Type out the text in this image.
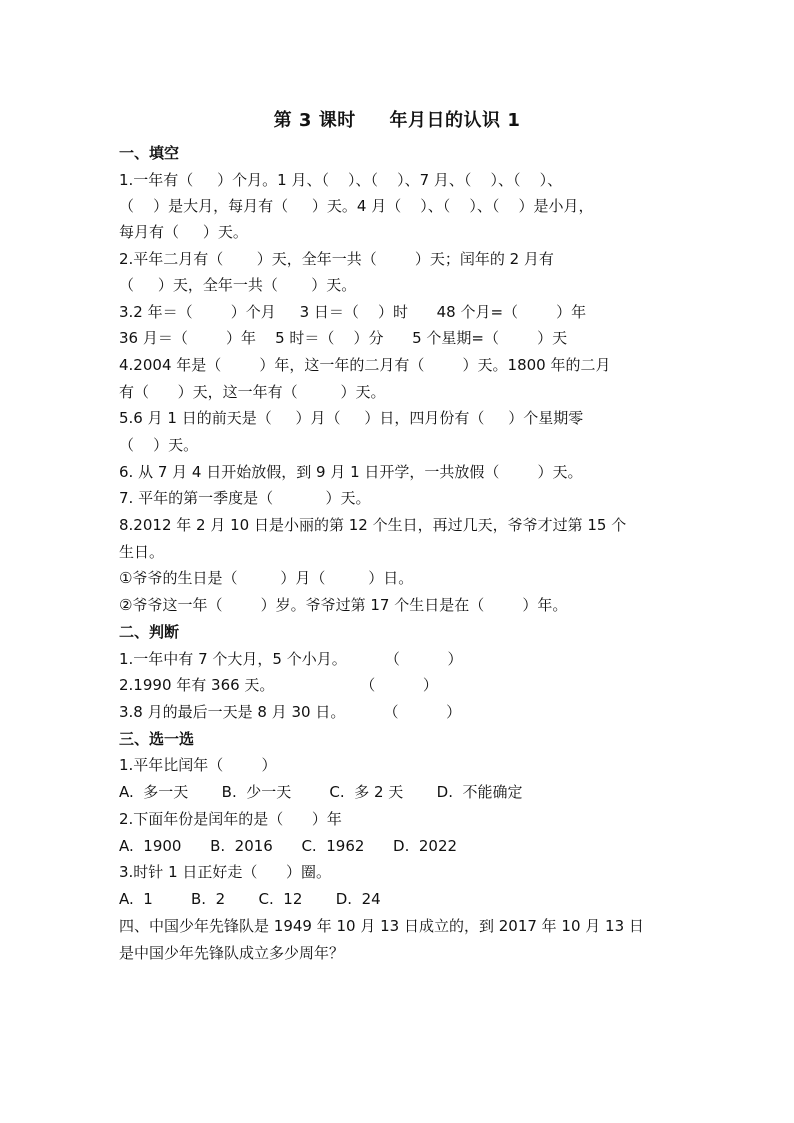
第 3 课时     年月日的认识 1
一、填空
1.一年有（     ）个月。1 月、（    ）、（    ）、7 月、（    ）、（    ）、
（    ）是大月，每月有（     ）天。4 月（    ）、（    ）、（    ）是小月，
每月有（     ）天。
2.平年二月有（       ）天，全年一共（        ）天；闰年的 2 月有
（     ）天，全年一共（       ）天。
3.2 年＝（        ）个月     3 日＝（    ）时      48 个月=（        ）年
36 月＝（        ）年    5 时＝（    ）分      5 个星期=（        ）天
4.2004 年是（        ）年，这一年的二月有（        ）天。1800 年的二月
有（      ）天，这一年有（         ）天。
5.6 月 1 日的前天是（     ）月（     ）日，四月份有（     ）个星期零
（    ）天。
6. 从 7 月 4 日开始放假，到 9 月 1 日开学，一共放假（        ）天。
7. 平年的第一季度是（           ）天。
8.2012 年 2 月 10 日是小丽的第 12 个生日，再过几天，爷爷才过第 15 个
生日。
①爷爷的生日是（         ）月（         ）日。
②爷爷这一年（        ）岁。爷爷过第 17 个生日是在（        ）年。
二、判断
1.一年中有 7 个大月，5 个小月。        （          ）
2.1990 年有 366 天。                  （          ）
3.8 月的最后一天是 8 月 30 日。        （          ）
三、选一选
1.平年比闰年（        ）
A.  多一天       B.  少一天        C.  多 2 天       D.  不能确定
2.下面年份是闰年的是（      ）年
A.  1900      B.  2016      C.  1962      D.  2022
3.时针 1 日正好走（      ）圈。
A.  1        B.  2       C.  12       D.  24
四、中国少年先锋队是 1949 年 10 月 13 日成立的，到 2017 年 10 月 13 日
是中国少年先锋队成立多少周年？
